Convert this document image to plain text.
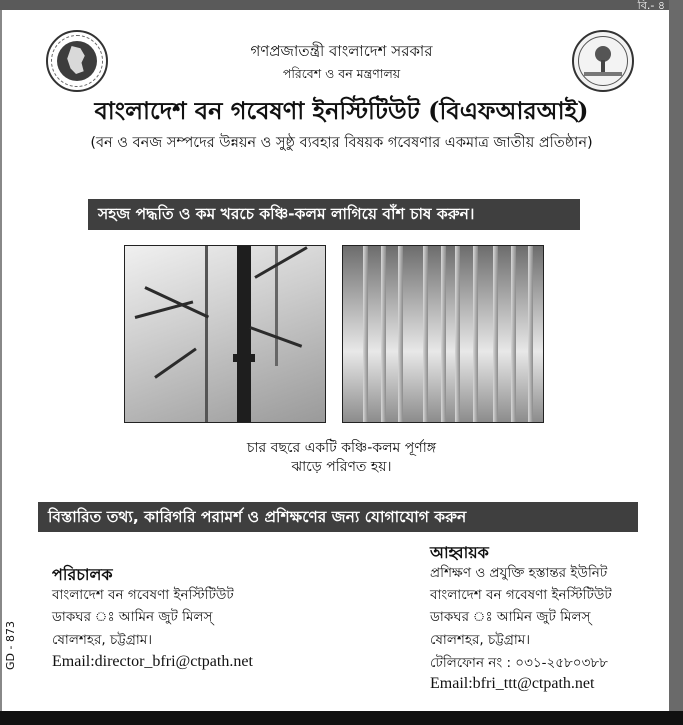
বি.- ৪
গণপ্রজাতন্ত্রী বাংলাদেশ সরকার
পরিবেশ ও বন মন্ত্রণালয়
বাংলাদেশ বন গবেষণা ইনস্টিটিউট (বিএফআরআই)
(বন ও বনজ সম্পদের উন্নয়ন ও সুষ্ঠু ব্যবহার বিষয়ক গবেষণার একমাত্র জাতীয় প্রতিষ্ঠান)
সহজ পদ্ধতি ও কম খরচে কঞ্চি-কলম লাগিয়ে বাঁশ চাষ করুন।
চার বছরে একটি কঞ্চি-কলম পূর্ণাঙ্গ
ঝাড়ে পরিণত হয়।
বিস্তারিত তথ্য, কারিগরি পরামর্শ ও প্রশিক্ষণের জন্য যোগাযোগ করুন
পরিচালক
বাংলাদেশ বন গবেষণা ইনস্টিটিউট
ডাকঘর ঃ আমিন জুট মিলস্
ষোলশহর, চট্টগ্রাম।
Email:director_bfri@ctpath.net
আহ্বায়ক
প্রশিক্ষণ ও প্রযুক্তি হস্তান্তর ইউনিট
বাংলাদেশ বন গবেষণা ইনস্টিটিউট
ডাকঘর ঃ আমিন জুট মিলস্
ষোলশহর, চট্টগ্রাম।
টেলিফোন নং : ০৩১-২৫৮০৩৮৮
Email:bfri_ttt@ctpath.net
GD - 873
